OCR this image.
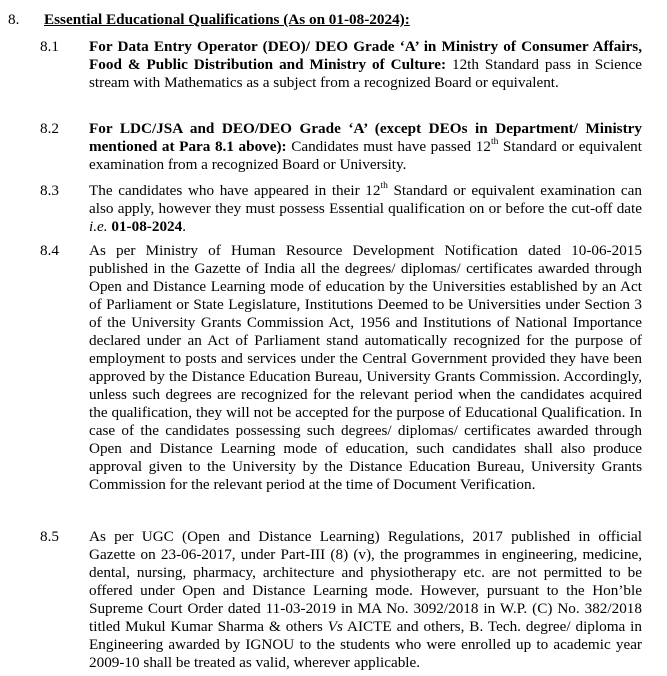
8. Essential Educational Qualifications (As on 01-08-2024):
8.1 For Data Entry Operator (DEO)/ DEO Grade ‘A’ in Ministry of Consumer Affairs, Food & Public Distribution and Ministry of Culture: 12th Standard pass in Science stream with Mathematics as a subject from a recognized Board or equivalent.
8.2 For LDC/JSA and DEO/DEO Grade ‘A’ (except DEOs in Department/ Ministry mentioned at Para 8.1 above): Candidates must have passed 12th Standard or equivalent examination from a recognized Board or University.
8.3 The candidates who have appeared in their 12th Standard or equivalent examination can also apply, however they must possess Essential qualification on or before the cut-off date i.e. 01-08-2024.
8.4 As per Ministry of Human Resource Development Notification dated 10-06-2015 published in the Gazette of India all the degrees/ diplomas/ certificates awarded through Open and Distance Learning mode of education by the Universities established by an Act of Parliament or State Legislature, Institutions Deemed to be Universities under Section 3 of the University Grants Commission Act, 1956 and Institutions of National Importance declared under an Act of Parliament stand automatically recognized for the purpose of employment to posts and services under the Central Government provided they have been approved by the Distance Education Bureau, University Grants Commission. Accordingly, unless such degrees are recognized for the relevant period when the candidates acquired the qualification, they will not be accepted for the purpose of Educational Qualification. In case of the candidates possessing such degrees/ diplomas/ certificates awarded through Open and Distance Learning mode of education, such candidates shall also produce approval given to the University by the Distance Education Bureau, University Grants Commission for the relevant period at the time of Document Verification.
8.5 As per UGC (Open and Distance Learning) Regulations, 2017 published in official Gazette on 23-06-2017, under Part-III (8) (v), the programmes in engineering, medicine, dental, nursing, pharmacy, architecture and physiotherapy etc. are not permitted to be offered under Open and Distance Learning mode. However, pursuant to the Hon’ble Supreme Court Order dated 11-03-2019 in MA No. 3092/2018 in W.P. (C) No. 382/2018 titled Mukul Kumar Sharma & others Vs AICTE and others, B. Tech. degree/ diploma in Engineering awarded by IGNOU to the students who were enrolled up to academic year 2009-10 shall be treated as valid, wherever applicable.
